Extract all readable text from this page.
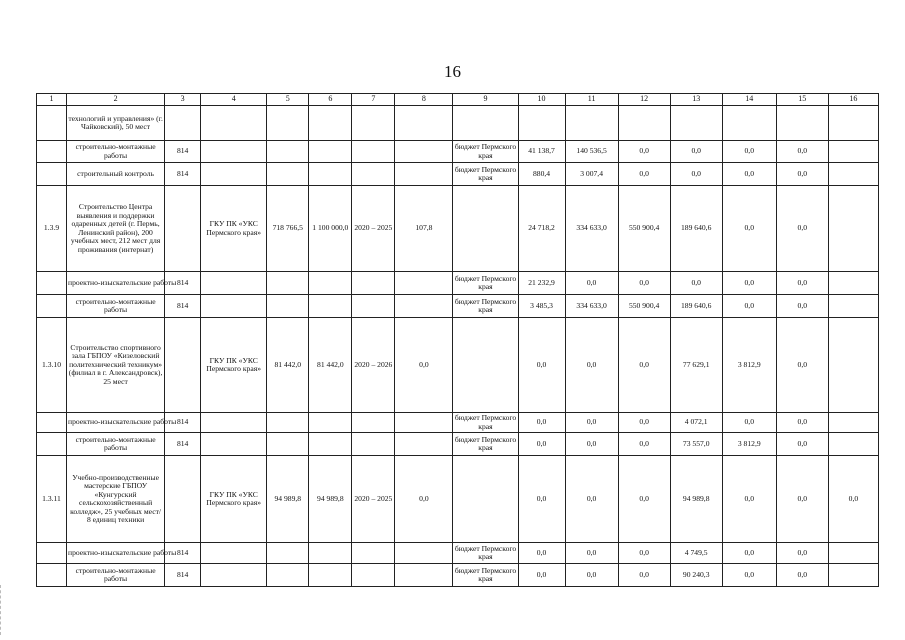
16
1	2	3	4	5	6	7	8	9	10	11	12	13	14	15	16
	технологий и управления» (г. Чайковский), 50 мест														
	строительно-монтажные работы	814						бюджет Пермского края	41 138,7	140 536,5	0,0	0,0	0,0	0,0	
	строительный контроль	814						бюджет Пермского края	880,4	3 007,4	0,0	0,0	0,0	0,0	
1.3.9	Строительство Центра выявления и поддержки одаренных детей (г. Пермь, Ленинский район), 200 учебных мест, 212 мест для проживания (интернат)		ГКУ ПК «УКС Пермского края»	718 766,5	1 100 000,0	2020 – 2025	107,8		24 718,2	334 633,0	550 900,4	189 640,6	0,0	0,0	
	проектно-изыскательские работы	814						бюджет Пермского края	21 232,9	0,0	0,0	0,0	0,0	0,0	
	строительно-монтажные работы	814						бюджет Пермского края	3 485,3	334 633,0	550 900,4	189 640,6	0,0	0,0	
1.3.10	Строительство спортивного зала ГБПОУ «Кизеловский политехнический техникум» (филиал в г. Александровск), 25 мест		ГКУ ПК «УКС Пермского края»	81 442,0	81 442,0	2020 – 2026	0,0		0,0	0,0	0,0	77 629,1	3 812,9	0,0	
	проектно-изыскательские работы	814						бюджет Пермского края	0,0	0,0	0,0	4 072,1	0,0	0,0	
	строительно-монтажные работы	814						бюджет Пермского края	0,0	0,0	0,0	73 557,0	3 812,9	0,0	
1.3.11	Учебно-производственные мастерские ГБПОУ «Кунгурский сельскохозяйственный колледж», 25 учебных мест/ 8 единиц техники		ГКУ ПК «УКС Пермского края»	94 989,8	94 989,8	2020 – 2025	0,0		0,0	0,0	0,0	94 989,8	0,0	0,0	0,0
	проектно-изыскательские работы	814						бюджет Пермского края	0,0	0,0	0,0	4 749,5	0,0	0,0	
	строительно-монтажные работы	814						бюджет Пермского края	0,0	0,0	0,0	90 240,3	0,0	0,0	
